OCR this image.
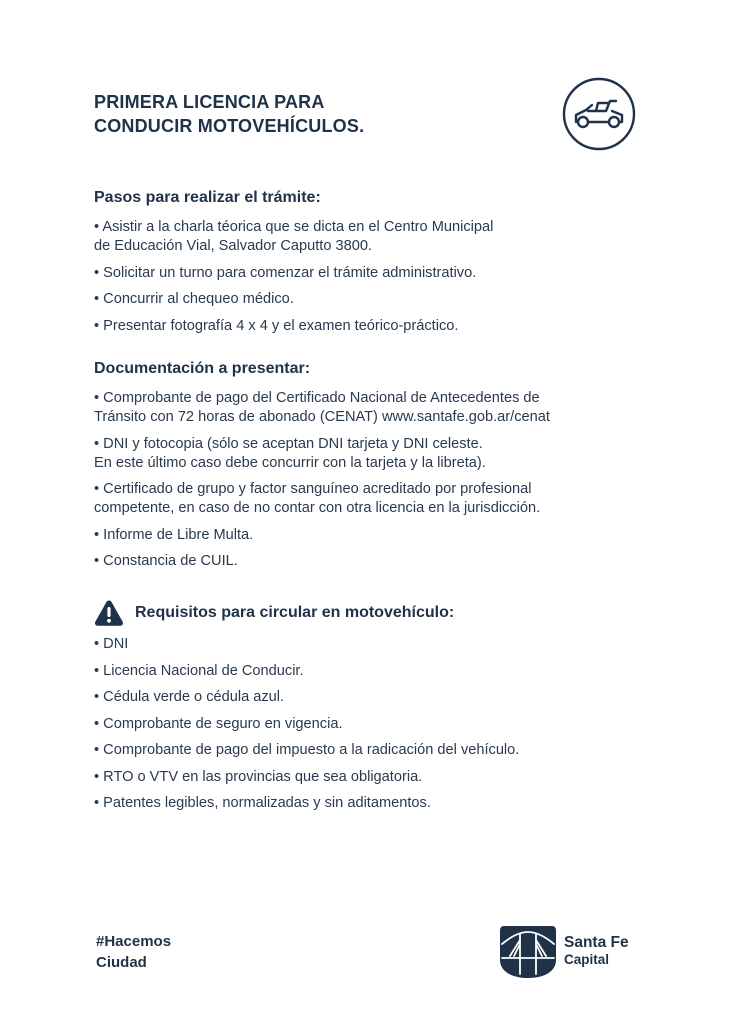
PRIMERA LICENCIA PARA
CONDUCIR MOTOVEHÍCULOS.
Pasos para realizar el trámite:
• Asistir a la charla téorica que se dicta en el Centro Municipal
de Educación Vial, Salvador Caputto 3800.
• Solicitar un turno para comenzar el trámite administrativo.
• Concurrir al chequeo médico.
• Presentar fotografía 4 x 4 y el examen teórico-práctico.
Documentación a presentar:
• Comprobante de pago del Certificado Nacional de Antecedentes de
Tránsito con 72 horas de abonado (CENAT) www.santafe.gob.ar/cenat
• DNI y fotocopia (sólo se aceptan DNI tarjeta y DNI celeste.
En este último caso debe concurrir con la tarjeta y la libreta).
• Certificado de grupo y factor sanguíneo acreditado por profesional
competente, en caso de no contar con otra licencia en la jurisdicción.
• Informe de Libre Multa.
• Constancia de CUIL.
Requisitos para circular en motovehículo:
• DNI
• Licencia Nacional de Conducir.
• Cédula verde o cédula azul.
• Comprobante de seguro en vigencia.
• Comprobante de pago del impuesto a la radicación del vehículo.
• RTO o VTV en las provincias que sea obligatoria.
• Patentes legibles, normalizadas y sin aditamentos.
#Hacemos
Ciudad
Santa Fe
Capital
